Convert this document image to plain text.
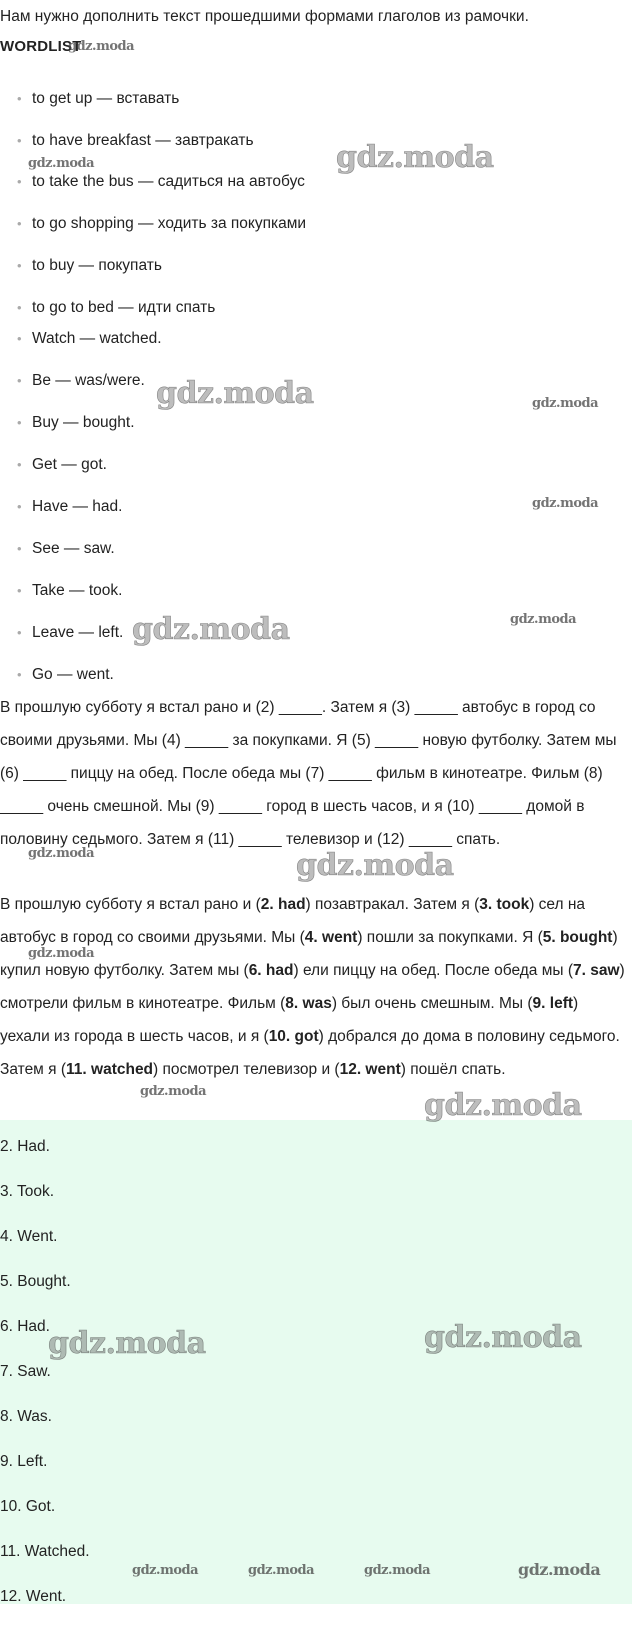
Нам нужно дополнить текст прошедшими формами глаголов из рамочки.

WORDLIST

• to get up — вставать
• to have breakfast — завтракать
• to take the bus — садиться на автобус
• to go shopping — ходить за покупками
• to buy — покупать
• to go to bed — идти спать
• Watch — watched.
• Be — was/were.
• Buy — bought.
• Get — got.
• Have — had.
• See — saw.
• Take — took.
• Leave — left.
• Go — went.

В прошлую субботу я встал рано и (2) _____. Затем я (3) _____ автобус в город со своими друзьями. Мы (4) _____ за покупками. Я (5) _____ новую футболку. Затем мы (6) _____ пиццу на обед. После обеда мы (7) _____ фильм в кинотеатре. Фильм (8) _____ очень смешной. Мы (9) _____ город в шесть часов, и я (10) _____ домой в половину седьмого. Затем я (11) _____ телевизор и (12) _____ спать.

В прошлую субботу я встал рано и (2. had) позавтракал. Затем я (3. took) сел на автобус в город со своими друзьями. Мы (4. went) пошли за покупками. Я (5. bought) купил новую футболку. Затем мы (6. had) ели пиццу на обед. После обеда мы (7. saw) смотрели фильм в кинотеатре. Фильм (8. was) был очень смешным. Мы (9. left) уехали из города в шесть часов, и я (10. got) добрался до дома в половину седьмого. Затем я (11. watched) посмотрел телевизор и (12. went) пошёл спать.

2. Had.
3. Took.
4. Went.
5. Bought.
6. Had.
7. Saw.
8. Was.
9. Left.
10. Got.
11. Watched.
12. Went.
gdz.moda
gdz.moda	gdz.moda
gdz.moda	gdz.moda
gdz.moda
gdz.moda
gdz.moda
gdz.moda	gdz.moda
gdz.moda
gdz.moda	gdz.moda
gdz.moda	gdz.moda
gdz.moda	gdz.moda	gdz.moda	gdz.moda
